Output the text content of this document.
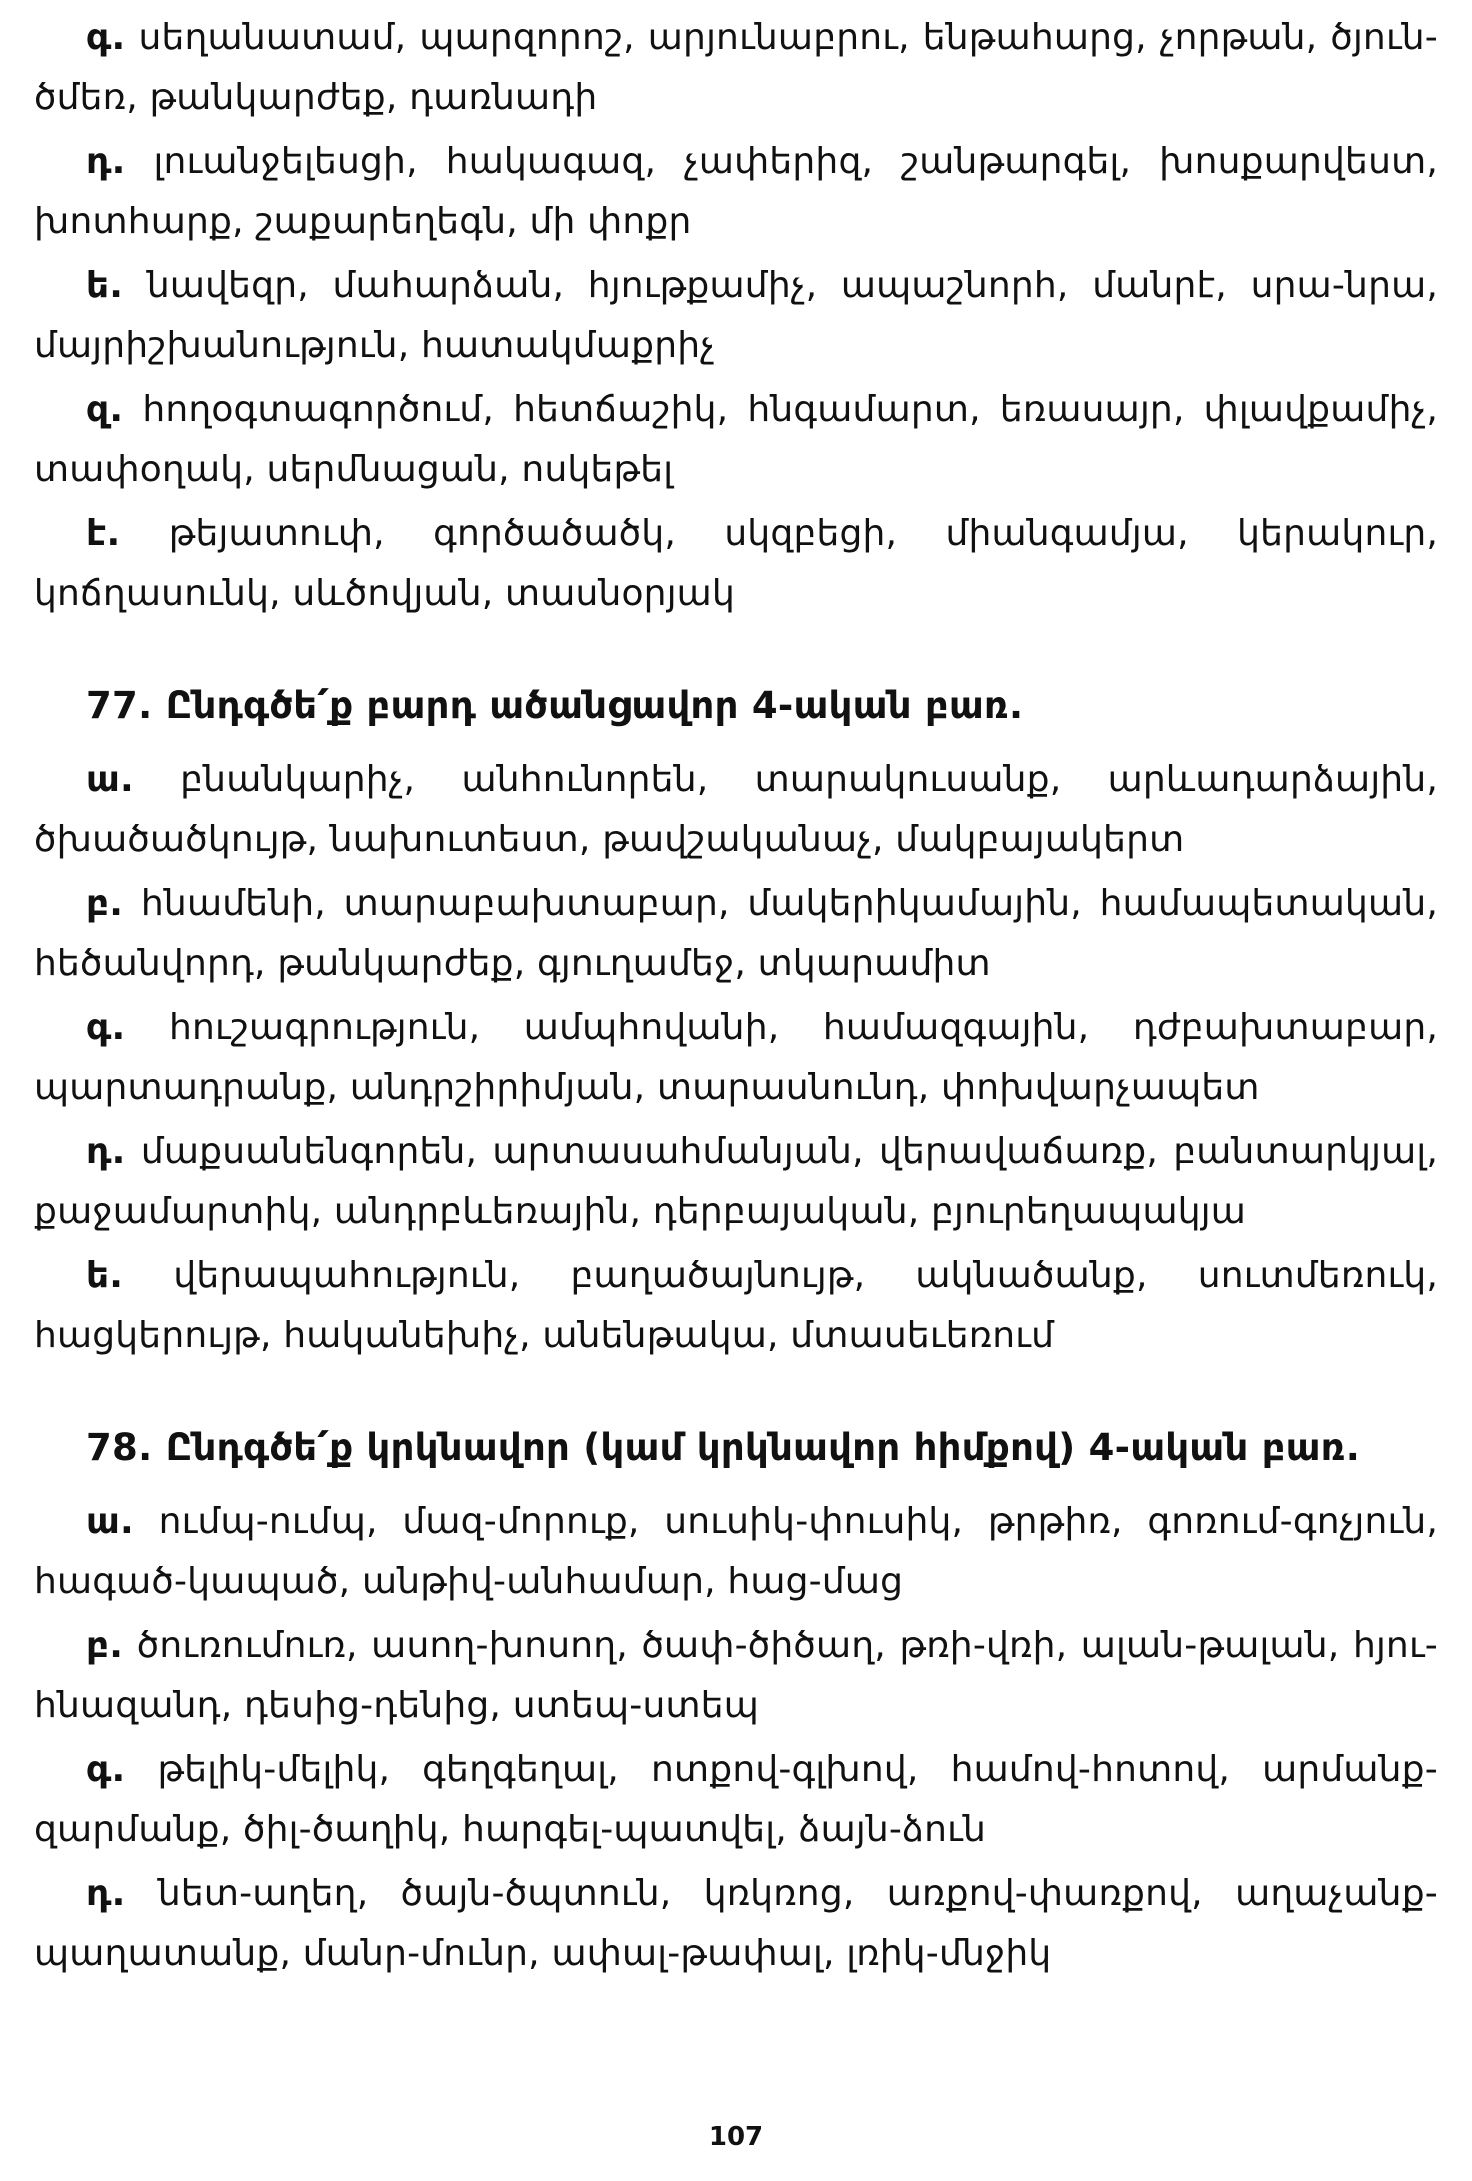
գ. սեղանատամ, պարզորոշ, արյունաբրու, ենթահարց, չորթան, ծյուն-ծմեռ, թանկարժեք, դառնադի

դ. լուանջելեսցի, հակագազ, չափերիզ, շանթարգել, խոսքարվեստ, խոտհարք, շաքարեղեգն, մի փոքր

ե. նավեզր, մահարձան, հյութքամիչ, ապաշնորհ, մանրէ, սրա-նրա, մայրիշխանություն, հատակմաքրիչ

զ. հողօգտագործում, հետճաշիկ, հնգամարտ, եռասայր, փլավքամիչ, տափօղակ, սերմնացան, ոսկեթել

է. թեյատուփ, գործածածկ, սկզբեցի, միանգամյա, կերակուր, կոճղասունկ, սևծովյան, տասնօրյակ

77. Ընդգծե՛ք բարդ ածանցավոր 4-ական բառ.

ա. բնանկարիչ, անհունորեն, տարակուսանք, արևադարձային, ծխածածկույթ, նախուտեստ, թավշականաչ, մակբայակերտ

բ. հնամենի, տարաբախտաբար, մակերիկամային, համապետական, հեծանվորդ, թանկարժեք, գյուղամեջ, տկարամիտ

գ. հուշագրություն, ամպհովանի, համազգային, դժբախտաբար, պարտադրանք, անդրշիրիմյան, տարասնունդ, փոխվարչապետ

դ. մաքսանենգորեն, արտասահմանյան, վերավաճառք, բանտարկյալ, քաջամարտիկ, անդրբևեռային, դերբայական, բյուրեղապակյա

ե. վերապահություն, բաղածայնույթ, ակնածանք, սուտմեռուկ, հացկերույթ, հականեխիչ, անենթակա, մտասեւեռում

78. Ընդգծե՛ք կրկնավոր (կամ կրկնավոր հիմքով) 4-ական բառ.

ա. ումպ-ումպ, մազ-մորուք, սուսիկ-փուսիկ, թրթիռ, գոռում-գոչյուն, հագած-կապած, անթիվ-անհամար, հաց-մաց

բ. ծուռումուռ, ասող-խոսող, ծափ-ծիծաղ, թռի-վռի, ալան-թալան, հյու-հնազանդ, դեսից-դենից, ստեպ-ստեպ

գ. թելիկ-մելիկ, գեղգեղալ, ոտքով-գլխով, համով-հոտով, արմանք-զարմանք, ծիլ-ծաղիկ, հարգել-պատվել, ձայն-ձուն

դ. նետ-աղեղ, ծայն-ծպտուն, կռկռոց, առքով-փառքով, աղաչանք-պաղատանք, մանր-մունր, ափալ-թափալ, լռիկ-մնջիկ

107
